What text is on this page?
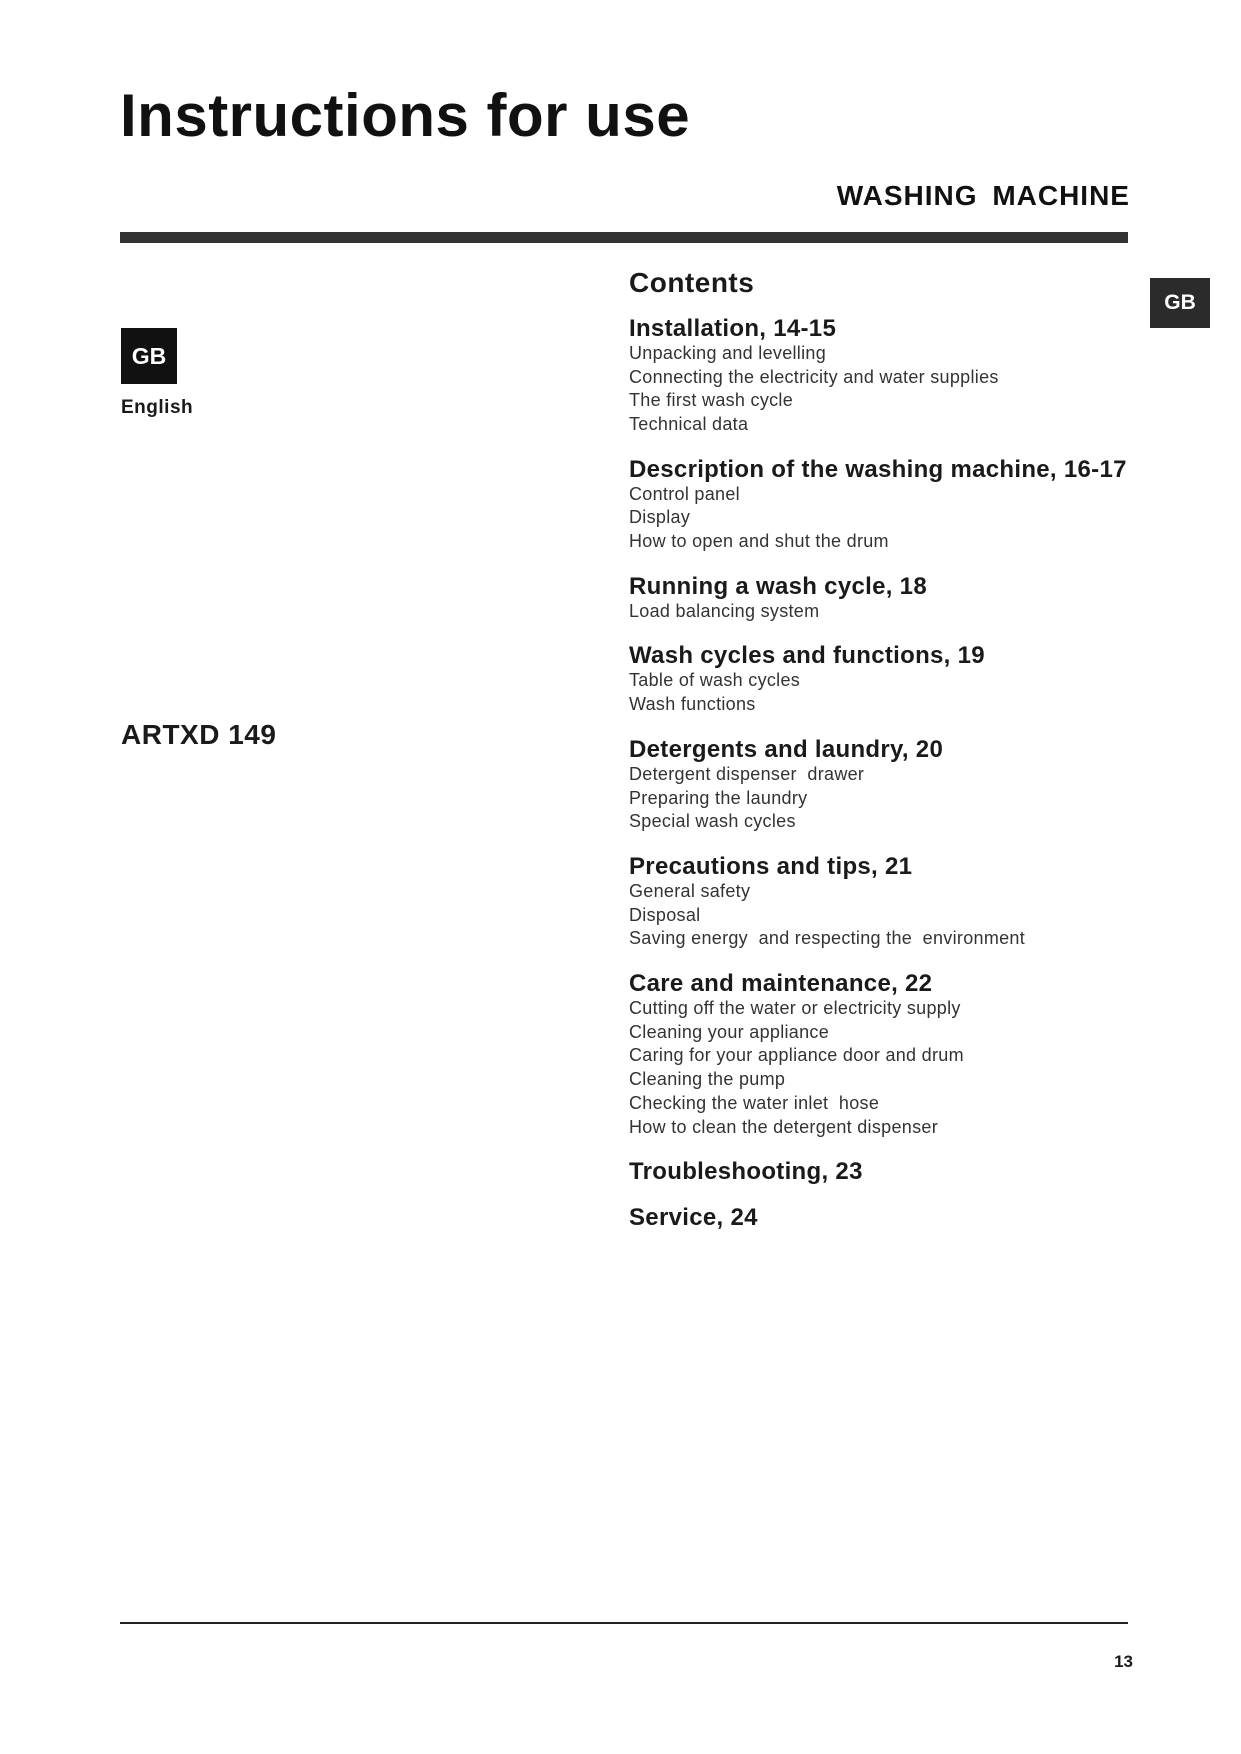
Instructions for use
WASHING MACHINE
GB
GB
English
ARTXD 149
Contents
Installation, 14-15
Unpacking and levelling
Connecting the electricity and water supplies
The first wash cycle
Technical data
Description of the washing machine, 16-17
Control panel
Display
How to open and shut the drum
Running a wash cycle, 18
Load balancing system
Wash cycles and functions, 19
Table of wash cycles
Wash functions
Detergents and laundry, 20
Detergent dispenser  drawer
Preparing the laundry
Special wash cycles
Precautions and tips, 21
General safety
Disposal
Saving energy  and respecting the  environment
Care and maintenance, 22
Cutting off the water or electricity supply
Cleaning your appliance
Caring for your appliance door and drum
Cleaning the pump
Checking the water inlet  hose
How to clean the detergent dispenser
Troubleshooting, 23
Service, 24
13
